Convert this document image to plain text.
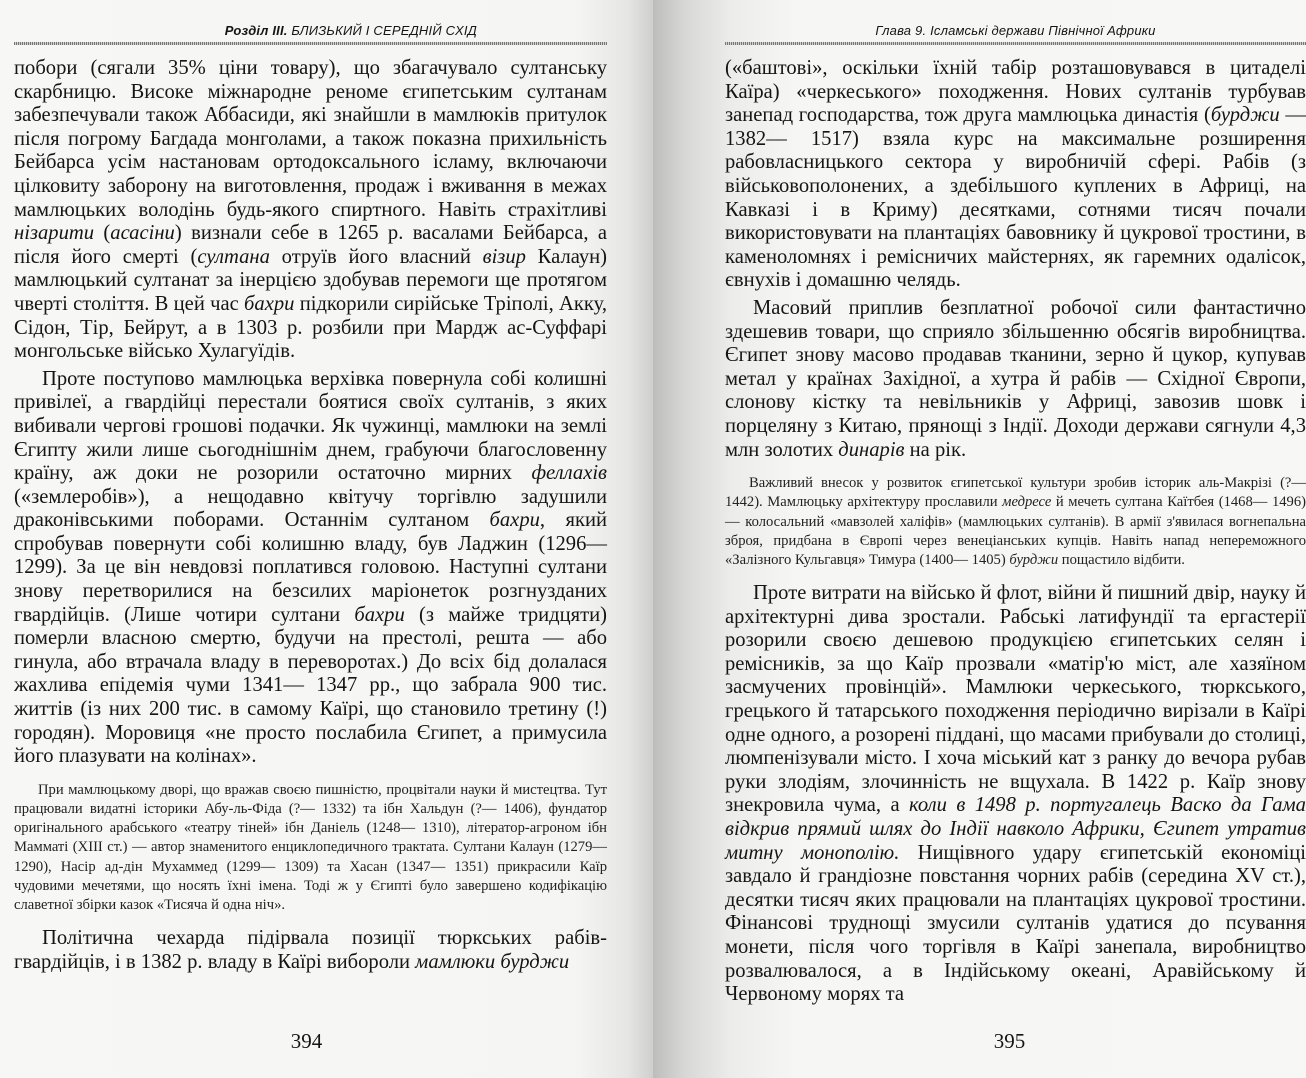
Розділ ІІІ. БЛИЗЬКИЙ І СЕРЕДНІЙ СХІД

побори (сягали 35% ціни товару), що збагачувало султанську скарбницю. Високе міжнародне реноме єгипетським султанам забезпечували також Аббасиди, які знайшли в мамлюків притулок після погрому Багдада монголами, а також показна прихильність Бейбарса усім настановам ортодоксального ісламу, включаючи цілковиту заборону на виготовлення, продаж і вживання в межах мамлюцьких володінь будь-якого спиртного. Навіть страхітливі нізарити (асасіни) визнали себе в 1265 р. васалами Бейбарса, а після його смерті (султана отруїв його власний візир Калаун) мамлюцький султанат за інерцією здобував перемоги ще протягом чверті століття. В цей час бахри підкорили сирійське Тріполі, Акку, Сідон, Тір, Бейрут, а в 1303 р. розбили при Мардж ас-Суффарі монгольське військо Хулагуїдів.

Проте поступово мамлюцька верхівка повернула собі колишні привілеї, а гвардійці перестали боятися своїх султанів, з яких вибивали чергові грошові подачки. Як чужинці, мамлюки на землі Єгипту жили лише сьогоднішнім днем, грабуючи благословенну країну, аж доки не розорили остаточно мирних феллахів («землеробів»), а нещодавно квітучу торгівлю задушили драконівськими поборами. Останнім султаном бахри, який спробував повернути собі колишню владу, був Ладжин (1296— 1299). За це він невдовзі поплатився головою. Наступні султани знову перетворилися на безсилих маріонеток розгнузданих гвардійців. (Лише чотири султани бахри (з майже тридцяти) померли власною смертю, будучи на престолі, решта — або гинула, або втрачала владу в переворотах.) До всіх бід долалася жахлива епідемія чуми 1341— 1347 рр., що забрала 900 тис. життів (із них 200 тис. в самому Каїрі, що становило третину (!) городян). Моровиця «не просто послабила Єгипет, а примусила його плазувати на колінах».

При мамлюцькому дворі, що вражав своєю пишністю, процвітали науки й мистецтва. Тут працювали видатні історики Абу-ль-Фіда (?— 1332) та ібн Хальдун (?— 1406), фундатор оригінального арабського «театру тіней» ібн Даніель (1248— 1310), літератор-агроном ібн Мамматі (XIII ст.) — автор знаменитого енциклопедичного трактата. Султани Калаун (1279— 1290), Насір ад-дін Мухаммед (1299— 1309) та Хасан (1347— 1351) прикрасили Каїр чудовими мечетями, що носять їхні імена. Тоді ж у Єгипті було завершено кодифікацію славетної збірки казок «Тисяча й одна ніч».

Політична чехарда підірвала позиції тюркських рабів-гвардійців, і в 1382 р. владу в Каїрі вибороли мамлюки бурджи

394
Глава 9. Ісламські держави Північної Африки

(«баштові», оскільки їхній табір розташовувався в цитаделі Каїра) «черкеського» походження. Нових султанів турбував занепад господарства, тож друга мамлюцька династія (бурджи — 1382— 1517) взяла курс на максимальне розширення рабовласницького сектора у виробничій сфері. Рабів (з військовополонених, а здебільшого куплених в Африці, на Кавказі і в Криму) десятками, сотнями тисяч почали використовувати на плантаціях бавовнику й цукрової тростини, в каменоломнях і ремісничих майстернях, як гаремних одалісок, євнухів і домашню челядь.

Масовий приплив безплатної робочої сили фантастично здешевив товари, що сприяло збільшенню обсягів виробництва. Єгипет знову масово продавав тканини, зерно й цукор, купував метал у країнах Західної, а хутра й рабів — Східної Європи, слонову кістку та невільників у Африці, завозив шовк і порцеляну з Китаю, прянощі з Індії. Доходи держави сягнули 4,3 млн золотих динарів на рік.

Важливий внесок у розвиток єгипетської культури зробив історик аль-Макрізі (?— 1442). Мамлюцьку архітектуру прославили медресе й мечеть султана Каїтбея (1468— 1496) — колосальний «мавзолей халіфів» (мамлюцьких султанів). В армії з'явилася вогнепальна зброя, придбана в Європі через венеціанських купців. Навіть напад непереможного «Залізного Кульгавця» Тимура (1400— 1405) бурджи пощастило відбити.

Проте витрати на військо й флот, війни й пишний двір, науку й архітектурні дива зростали. Рабські латифундії та ергастерії розорили своєю дешевою продукцією єгипетських селян і ремісників, за що Каїр прозвали «матір'ю міст, але хазяїном засмучених провінцій». Мамлюки черкеського, тюркського, грецького й татарського походження періодично вирізали в Каїрі одне одного, а розорені піддані, що масами прибували до столиці, люмпенізували місто. І хоча міський кат з ранку до вечора рубав руки злодіям, злочинність не вщухала. В 1422 р. Каїр знову знекровила чума, а коли в 1498 р. португалець Васко да Гама відкрив прямий шлях до Індії навколо Африки, Єгипет утратив митну монополію. Нищівного удару єгипетській економіці завдало й грандіозне повстання чорних рабів (середина XV ст.), десятки тисяч яких працювали на плантаціях цукрової тростини. Фінансові труднощі змусили султанів удатися до псування монети, після чого торгівля в Каїрі занепала, виробництво розвалювалося, а в Індійському океані, Аравійському й Червоному морях та

395
